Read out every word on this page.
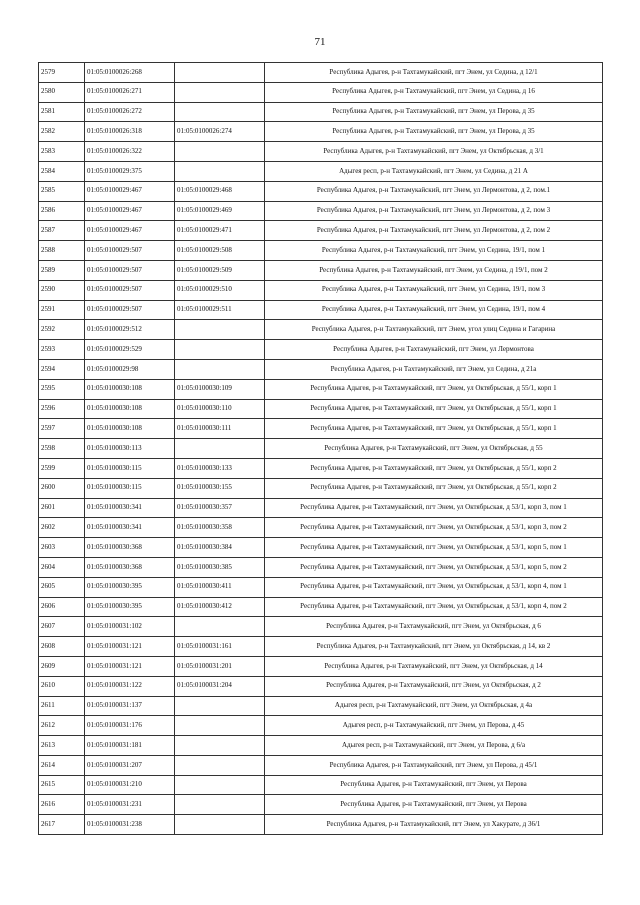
71
2579	01:05:0100026:268		Республика Адыгея, р-н Тахтамукайский, пгт Энем, ул Седина, д 12/1
2580	01:05:0100026:271		Республика Адыгея, р-н Тахтамукайский, пгт Энем, ул Седина, д 16
2581	01:05:0100026:272		Республика Адыгея, р-н Тахтамукайский, пгт Энем, ул Перова, д 35
2582	01:05:0100026:318	01:05:0100026:274	Республика Адыгея, р-н Тахтамукайский, пгт Энем, ул Перова, д 35
2583	01:05:0100026:322		Республика Адыгея, р-н Тахтамукайский, пгт Энем, ул Октябрьская, д 3/1
2584	01:05:0100029:375		Адыгея респ, р-н Тахтамукайский, пгт Энем, ул Седина, д 21 А
2585	01:05:0100029:467	01:05:0100029:468	Республика Адыгея, р-н Тахтамукайский, пгт Энем, ул Лермонтова, д 2, пом.1
2586	01:05:0100029:467	01:05:0100029:469	Республика Адыгея, р-н Тахтамукайский, пгт Энем, ул Лермонтова, д 2, пом 3
2587	01:05:0100029:467	01:05:0100029:471	Республика Адыгея, р-н Тахтамукайский, пгт Энем, ул Лермонтова, д 2, пом 2
2588	01:05:0100029:507	01:05:0100029:508	Республика Адыгея, р-н Тахтамукайский, пгт Энем, ул Седина, 19/1, пом 1
2589	01:05:0100029:507	01:05:0100029:509	Республика Адыгея, р-н Тахтамукайский, пгт Энем, ул Седина, д 19/1, пом 2
2590	01:05:0100029:507	01:05:0100029:510	Республика Адыгея, р-н Тахтамукайский, пгт Энем, ул Седина, 19/1, пом 3
2591	01:05:0100029:507	01:05:0100029:511	Республика Адыгея, р-н Тахтамукайский, пгт Энем, ул Седина, 19/1, пом 4
2592	01:05:0100029:512		Республика Адыгея, р-н Тахтамукайский, пгт Энем, угол улиц Седина и Гагарина
2593	01:05:0100029:529		Республика Адыгея, р-н Тахтамукайский, пгт Энем, ул Лермонтова
2594	01:05:0100029:98		Республика Адыгея, р-н Тахтамукайский, пгт Энем, ул Седина, д 21а
2595	01:05:0100030:108	01:05:0100030:109	Республика Адыгея, р-н Тахтамукайский, пгт Энем, ул Октябрьская, д 55/1, корп 1
2596	01:05:0100030:108	01:05:0100030:110	Республика Адыгея, р-н Тахтамукайский, пгт Энем, ул Октябрьская, д 55/1, корп 1
2597	01:05:0100030:108	01:05:0100030:111	Республика Адыгея, р-н Тахтамукайский, пгт Энем, ул Октябрьская, д 55/1, корп 1
2598	01:05:0100030:113		Республика Адыгея, р-н Тахтамукайский, пгт Энем, ул Октябрьская, д 55
2599	01:05:0100030:115	01:05:0100030:133	Республика Адыгея, р-н Тахтамукайский, пгт Энем, ул Октябрьская, д 55/1, корп 2
2600	01:05:0100030:115	01:05:0100030:155	Республика Адыгея, р-н Тахтамукайский, пгт Энем, ул Октябрьская, д 55/1, корп 2
2601	01:05:0100030:341	01:05:0100030:357	Республика Адыгея, р-н Тахтамукайский, пгт Энем, ул Октябрьская, д 53/1, корп 3, пом 1
2602	01:05:0100030:341	01:05:0100030:358	Республика Адыгея, р-н Тахтамукайский, пгт Энем, ул Октябрьская, д 53/1, корп 3, пом 2
2603	01:05:0100030:368	01:05:0100030:384	Республика Адыгея, р-н Тахтамукайский, пгт Энем, ул Октябрьская, д 53/1, корп 5, пом 1
2604	01:05:0100030:368	01:05:0100030:385	Республика Адыгея, р-н Тахтамукайский, пгт Энем, ул Октябрьская, д 53/1, корп 5, пом 2
2605	01:05:0100030:395	01:05:0100030:411	Республика Адыгея, р-н Тахтамукайский, пгт Энем, ул Октябрьская, д 53/1, корп 4, пом 1
2606	01:05:0100030:395	01:05:0100030:412	Республика Адыгея, р-н Тахтамукайский, пгт Энем, ул Октябрьская, д 53/1, корп 4, пом 2
2607	01:05:0100031:102		Республика Адыгея, р-н Тахтамукайский, пгт Энем, ул Октябрьская, д 6
2608	01:05:0100031:121	01:05:0100031:161	Республика Адыгея, р-н Тахтамукайский, пгт Энем, ул Октябрьская, д 14, кв 2
2609	01:05:0100031:121	01:05:0100031:201	Республика Адыгея, р-н Тахтамукайский, пгт Энем, ул Октябрьская, д 14
2610	01:05:0100031:122	01:05:0100031:204	Республика Адыгея, р-н Тахтамукайский, пгт Энем, ул Октябрьская, д 2
2611	01:05:0100031:137		Адыгея респ, р-н Тахтамукайский, пгт Энем, ул Октябрьская, д 4а
2612	01:05:0100031:176		Адыгея респ, р-н Тахтамукайский, пгт Энем, ул Перова, д 45
2613	01:05:0100031:181		Адыгея респ, р-н Тахтамукайский, пгт Энем, ул Перова, д 6/а
2614	01:05:0100031:207		Республика Адыгея, р-н Тахтамукайский, пгт Энем, ул Перова, д 45/1
2615	01:05:0100031:210		Республика Адыгея, р-н Тахтамукайский, пгт Энем, ул Перова
2616	01:05:0100031:231		Республика Адыгея, р-н Тахтамукайский, пгт Энем, ул Перова
2617	01:05:0100031:238		Республика Адыгея, р-н Тахтамукайский, пгт Энем, ул Хакурате, д 36/1
